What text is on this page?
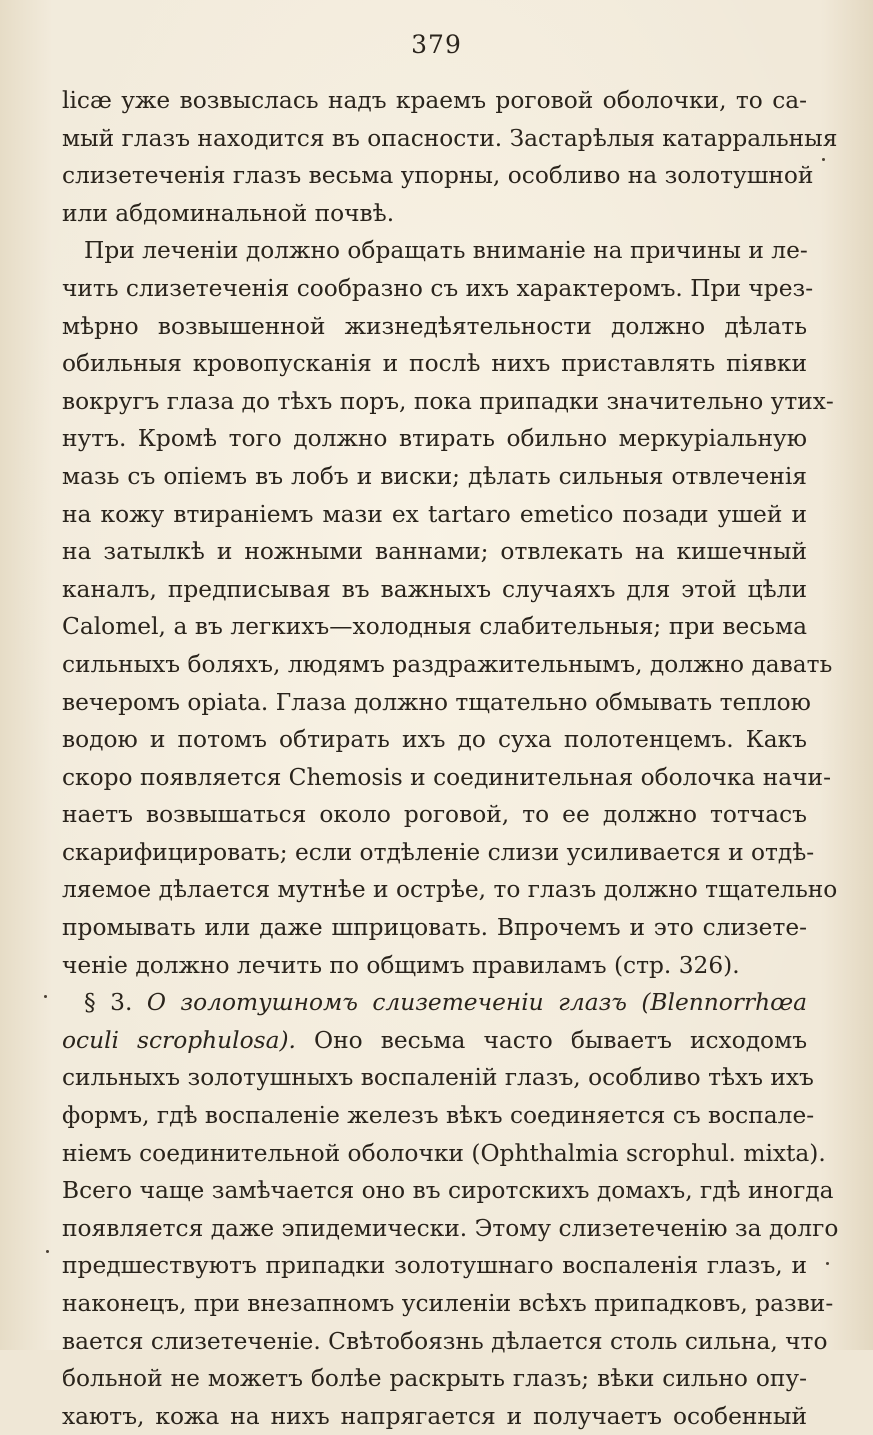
379
lісæ уже возвыслась надъ краемъ роговой оболочки, то са-
мый глазъ находится въ опасности. Застарѣлыя катарральныя
слизетеченія глазъ весьма упорны, особливо на золотушной
или абдоминальной почвѣ.
При леченіи должно обращать вниманіе на причины и ле-
чить слизетеченія сообразно съ ихъ характеромъ. При чрез-
мѣрно возвышенной жизнедѣятельности должно дѣлать
обильныя кровопусканія и послѣ нихъ приставлять піявки
вокругъ глаза до тѣхъ поръ, пока припадки значительно утих-
нутъ. Кромѣ того должно втирать обильно меркуріальную
мазь съ опіемъ въ лобъ и виски; дѣлать сильныя отвлеченія
на кожу втираніемъ мази ex tartaro emetico позади ушей и
на затылкѣ и ножными ваннами; отвлекать на кишечный
каналъ, предписывая въ важныхъ случаяхъ для этой цѣли
Calomel, а въ легкихъ—холодныя слабительныя; при весьма
сильныхъ боляхъ, людямъ раздражительнымъ, должно давать
вечеромъ opiata. Глаза должно тщательно обмывать теплою
водою и потомъ обтирать ихъ до суха полотенцемъ. Какъ
скоро появляется Chemosis и соединительная оболочка начи-
наетъ возвышаться около роговой, то ее должно тотчасъ
скарифицировать; если отдѣленіе слизи усиливается и отдѣ-
ляемое дѣлается мутнѣе и острѣе, то глазъ должно тщательно
промывать или даже шприцовать. Впрочемъ и это слизете-
ченіе должно лечить по общимъ правиламъ (стр. 326).
§ 3. О золотушномъ слизетеченіи глазъ (Blennorrhœa
oculi scrophulosa). Оно весьма часто бываетъ исходомъ
сильныхъ золотушныхъ воспаленій глазъ, особливо тѣхъ ихъ
формъ, гдѣ воспаленіе железъ вѣкъ соединяется съ воспале-
ніемъ соединительной оболочки (Ophthalmia scrophul. mixta).
Всего чаще замѣчается оно въ сиротскихъ домахъ, гдѣ иногда
появляется даже эпидемически. Этому слизетеченію за долго
предшествуютъ припадки золотушнаго воспаленія глазъ, и
наконецъ, при внезапномъ усиленіи всѣхъ припадковъ, разви-
вается слизетеченіе. Свѣтобоязнь дѣлается столь сильна, что
больной не можетъ болѣе раскрыть глазъ; вѣки сильно опу-
хаютъ, кожа на нихъ напрягается и получаетъ особенный
